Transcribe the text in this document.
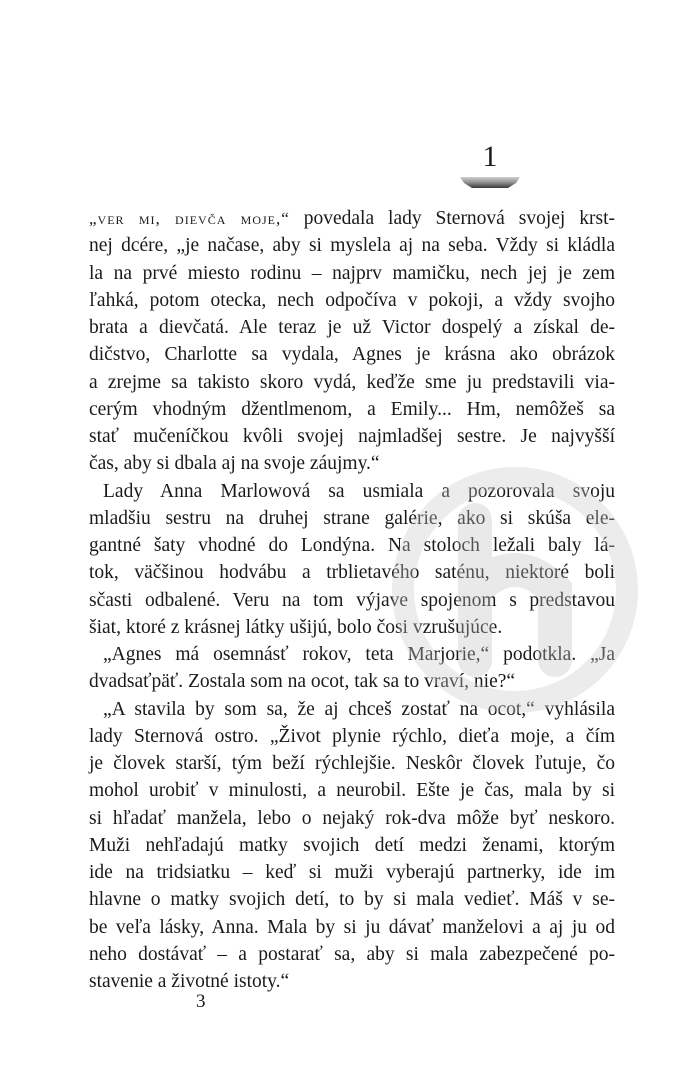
1
„ver mi, dievča moje,“ povedala lady Sternová svojej krst-
nej dcére, „je načase, aby si myslela aj na seba. Vždy si kládla
la na prvé miesto rodinu – najprv mamičku, nech jej je zem
ľahká, potom otecka, nech odpočíva v pokoji, a vždy svojho
brata a dievčatá. Ale teraz je už Victor dospelý a získal de-
dičstvo, Charlotte sa vydala, Agnes je krásna ako obrázok
a zrejme sa takisto skoro vydá, keďže sme ju predstavili via-
cerým vhodným džentlmenom, a Emily... Hm, nemôžeš sa
stať mučeníčkou kvôli svojej najmladšej sestre. Je najvyšší
čas, aby si dbala aj na svoje záujmy.“
Lady Anna Marlowová sa usmiala a pozorovala svoju
mladšiu sestru na druhej strane galérie, ako si skúša ele-
gantné šaty vhodné do Londýna. Na stoloch ležali baly lá-
tok, väčšinou hodvábu a trblietavého saténu, niektoré boli
sčasti odbalené. Veru na tom výjave spojenom s predstavou
šiat, ktoré z krásnej látky ušijú, bolo čosi vzrušujúce.
„Agnes má osemnásť rokov, teta Marjorie,“ podotkla. „Ja
dvadsaťpäť. Zostala som na ocot, tak sa to vraví, nie?“
„A stavila by som sa, že aj chceš zostať na ocot,“ vyhlásila
lady Sternová ostro. „Život plynie rýchlo, dieťa moje, a čím
je človek starší, tým beží rýchlejšie. Neskôr človek ľutuje, čo
mohol urobiť v minulosti, a neurobil. Ešte je čas, mala by si
si hľadať manžela, lebo o nejaký rok-dva môže byť neskoro.
Muži nehľadajú matky svojich detí medzi ženami, ktorým
ide na tridsiatku – keď si muži vyberajú partnerky, ide im
hlavne o matky svojich detí, to by si mala vedieť. Máš v se-
be veľa lásky, Anna. Mala by si ju dávať manželovi a aj ju od
neho dostávať – a postarať sa, aby si mala zabezpečené po-
stavenie a životné istoty.“
3
